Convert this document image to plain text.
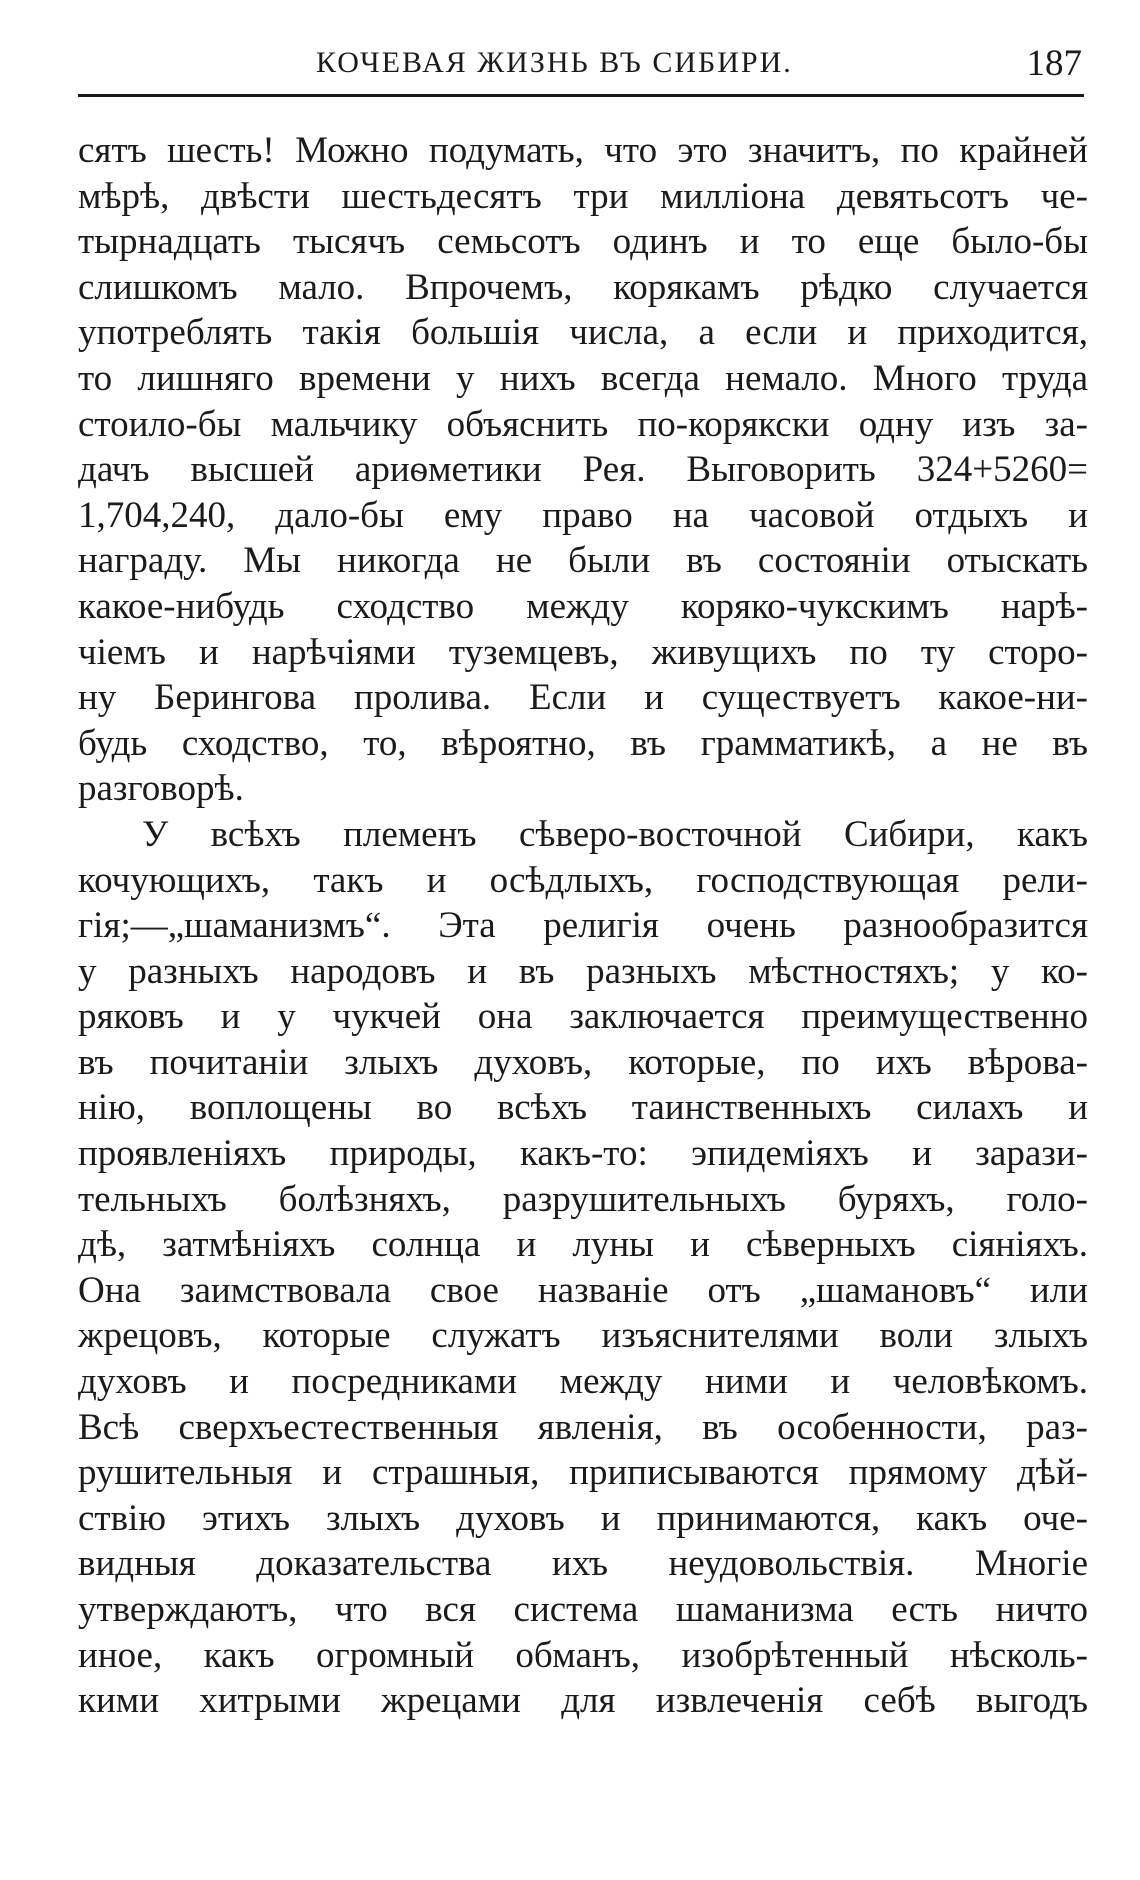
КОЧЕВАЯ ЖИЗНЬ ВЪ СИБИРИ.	187
сятъ шесть! Можно подумать, что это значитъ, по крайней
мѣрѣ, двѣсти шестьдесятъ три милліона девятьсотъ че-
тырнадцать тысячъ семьсотъ одинъ и то еще было-бы
слишкомъ мало. Впрочемъ, корякамъ рѣдко случается
употреблять такія большія числа, а если и приходится,
то лишняго времени у нихъ всегда немало. Много труда
стоило-бы мальчику объяснить по-корякски одну изъ за-
дачъ высшей ариѳметики Рея. Выговорить 324+5260=
1,704,240, дало-бы ему право на часовой отдыхъ и
награду. Мы никогда не были въ состояніи отыскать
какое-нибудь сходство между коряко-чукскимъ нарѣ-
чіемъ и нарѣчіями туземцевъ, живущихъ по ту сторо-
ну Берингова пролива. Если и существуетъ какое-ни-
будь сходство, то, вѣроятно, въ грамматикѣ, а не въ
разговорѣ.
У всѣхъ племенъ сѣверо-восточной Сибири, какъ
кочующихъ, такъ и осѣдлыхъ, господствующая рели-
гія;—„шаманизмъ“. Эта религія очень разнообразится
у разныхъ народовъ и въ разныхъ мѣстностяхъ; у ко-
ряковъ и у чукчей она заключается преимущественно
въ почитаніи злыхъ духовъ, которые, по ихъ вѣрова-
нію, воплощены во всѣхъ таинственныхъ силахъ и
проявленіяхъ природы, какъ-то: эпидеміяхъ и зарази-
тельныхъ болѣзняхъ, разрушительныхъ буряхъ, голо-
дѣ, затмѣніяхъ солнца и луны и сѣверныхъ сіяніяхъ.
Она заимствовала свое названіе отъ „шамановъ“ или
жрецовъ, которые служатъ изъяснителями воли злыхъ
духовъ и посредниками между ними и человѣкомъ.
Всѣ сверхъестественныя явленія, въ особенности, раз-
рушительныя и страшныя, приписываются прямому дѣй-
ствію этихъ злыхъ духовъ и принимаются, какъ оче-
видныя доказательства ихъ неудовольствія. Многіе
утверждаютъ, что вся система шаманизма есть ничто
иное, какъ огромный обманъ, изобрѣтенный нѣсколь-
кими хитрыми жрецами для извлеченія себѣ выгодъ
